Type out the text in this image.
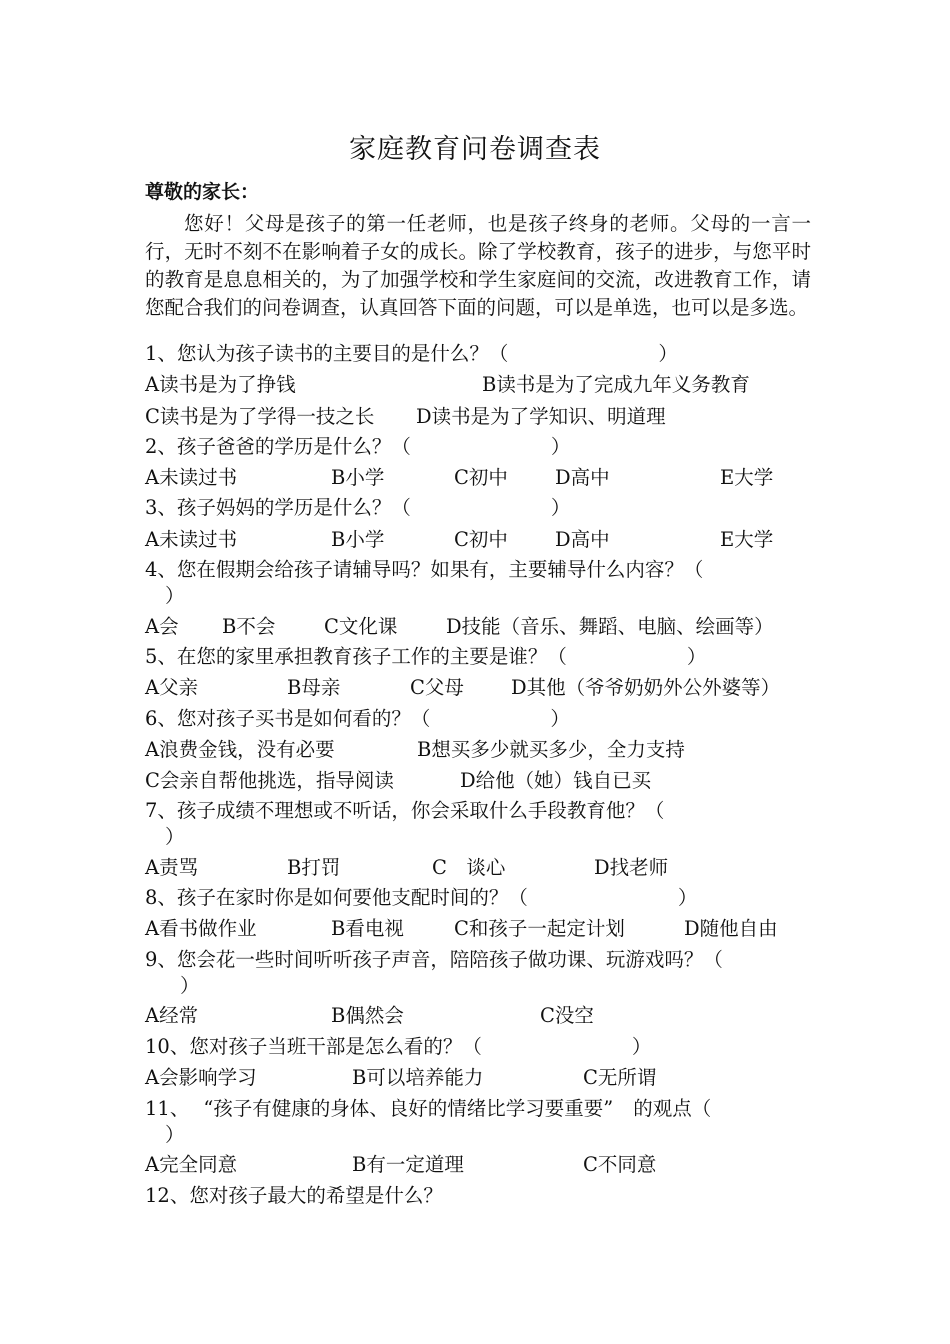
家庭教育问卷调查表
尊敬的家长：

您好！父母是孩子的第一任老师，也是孩子终身的老师。父母的一言一行，无时不刻不在影响着子女的成长。除了学校教育，孩子的进步，与您平时的教育是息息相关的，为了加强学校和学生家庭间的交流，改进教育工作，请您配合我们的问卷调查，认真回答下面的问题，可以是单选，也可以是多选。

1、您认为孩子读书的主要目的是什么？（	）
A读书是为了挣钱	B读书是为了完成九年义务教育
C读书是为了学得一技之长 D读书是为了学知识、明道理
2、孩子爸爸的学历是什么？（	）
A未读过书	B小学	C初中 D高中	E大学
3、孩子妈妈的学历是什么？（	）
A未读过书	B小学	C初中 D高中	E大学
4、您在假期会给孩子请辅导吗？如果有，主要辅导什么内容？（
）
A会 B不会 C文化课 D技能（音乐、舞蹈、电脑、绘画等）
5、在您的家里承担教育孩子工作的主要是谁？（	）
A父亲	B母亲	C父母 D其他（爷爷奶奶外公外婆等）
6、您对孩子买书是如何看的？（	）
A浪费金钱，没有必要	B想买多少就买多少，全力支持
C会亲自帮他挑选，指导阅读	D给他（她）钱自已买
7、孩子成绩不理想或不听话，你会采取什么手段教育他？（
）
A责骂	B打罚	C　谈心	D找老师
8、孩子在家时你是如何要他支配时间的？（	）
A看书做作业	B看电视	C和孩子一起定计划	D随他自由
9、您会花一些时间听听孩子声音，陪陪孩子做功课、玩游戏吗？（
）
A经常	B偶然会	C没空
10、您对孩子当班干部是怎么看的？（	）
A会影响学习	B可以培养能力	C无所谓
11、 “孩子有健康的身体、良好的情绪比学习要重要” 的观点（
）
A完全同意	B有一定道理	C不同意
12、您对孩子最大的希望是什么？
